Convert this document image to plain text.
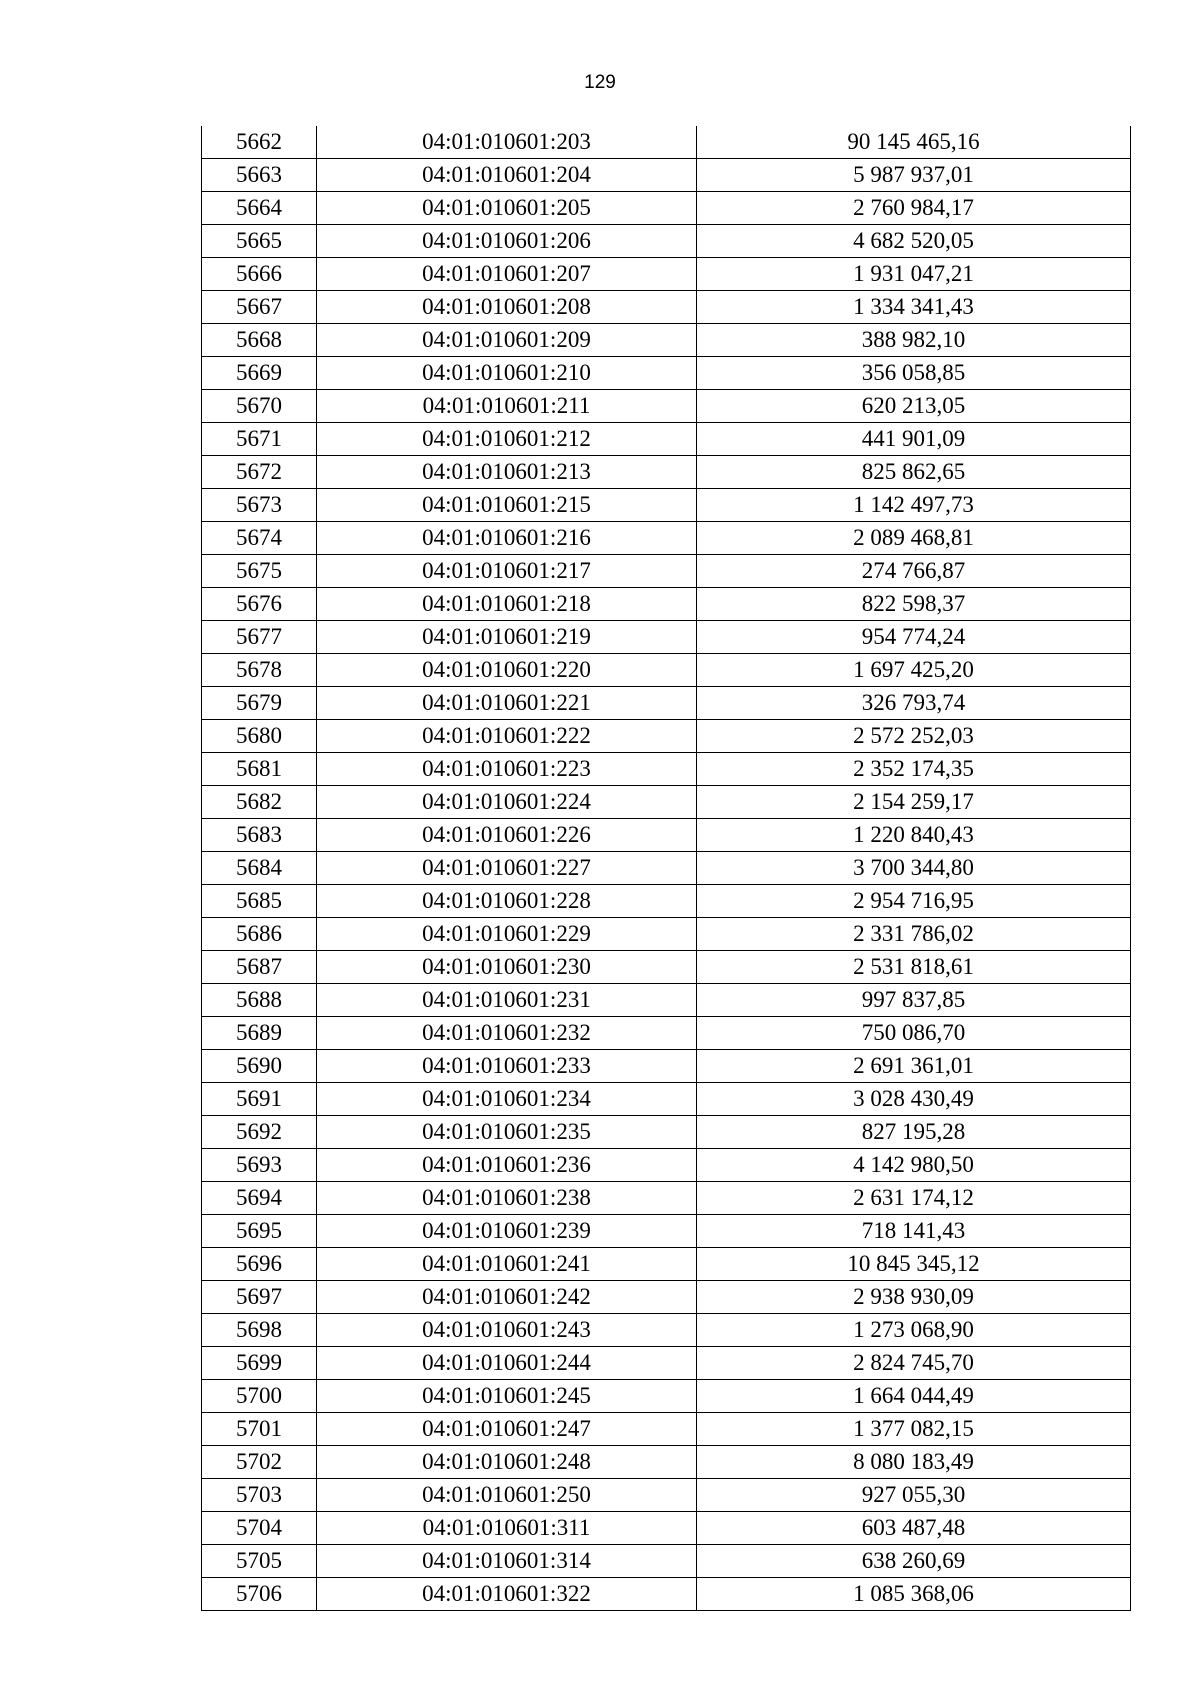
129
5662	04:01:010601:203	90 145 465,16
5663	04:01:010601:204	5 987 937,01
5664	04:01:010601:205	2 760 984,17
5665	04:01:010601:206	4 682 520,05
5666	04:01:010601:207	1 931 047,21
5667	04:01:010601:208	1 334 341,43
5668	04:01:010601:209	388 982,10
5669	04:01:010601:210	356 058,85
5670	04:01:010601:211	620 213,05
5671	04:01:010601:212	441 901,09
5672	04:01:010601:213	825 862,65
5673	04:01:010601:215	1 142 497,73
5674	04:01:010601:216	2 089 468,81
5675	04:01:010601:217	274 766,87
5676	04:01:010601:218	822 598,37
5677	04:01:010601:219	954 774,24
5678	04:01:010601:220	1 697 425,20
5679	04:01:010601:221	326 793,74
5680	04:01:010601:222	2 572 252,03
5681	04:01:010601:223	2 352 174,35
5682	04:01:010601:224	2 154 259,17
5683	04:01:010601:226	1 220 840,43
5684	04:01:010601:227	3 700 344,80
5685	04:01:010601:228	2 954 716,95
5686	04:01:010601:229	2 331 786,02
5687	04:01:010601:230	2 531 818,61
5688	04:01:010601:231	997 837,85
5689	04:01:010601:232	750 086,70
5690	04:01:010601:233	2 691 361,01
5691	04:01:010601:234	3 028 430,49
5692	04:01:010601:235	827 195,28
5693	04:01:010601:236	4 142 980,50
5694	04:01:010601:238	2 631 174,12
5695	04:01:010601:239	718 141,43
5696	04:01:010601:241	10 845 345,12
5697	04:01:010601:242	2 938 930,09
5698	04:01:010601:243	1 273 068,90
5699	04:01:010601:244	2 824 745,70
5700	04:01:010601:245	1 664 044,49
5701	04:01:010601:247	1 377 082,15
5702	04:01:010601:248	8 080 183,49
5703	04:01:010601:250	927 055,30
5704	04:01:010601:311	603 487,48
5705	04:01:010601:314	638 260,69
5706	04:01:010601:322	1 085 368,06
